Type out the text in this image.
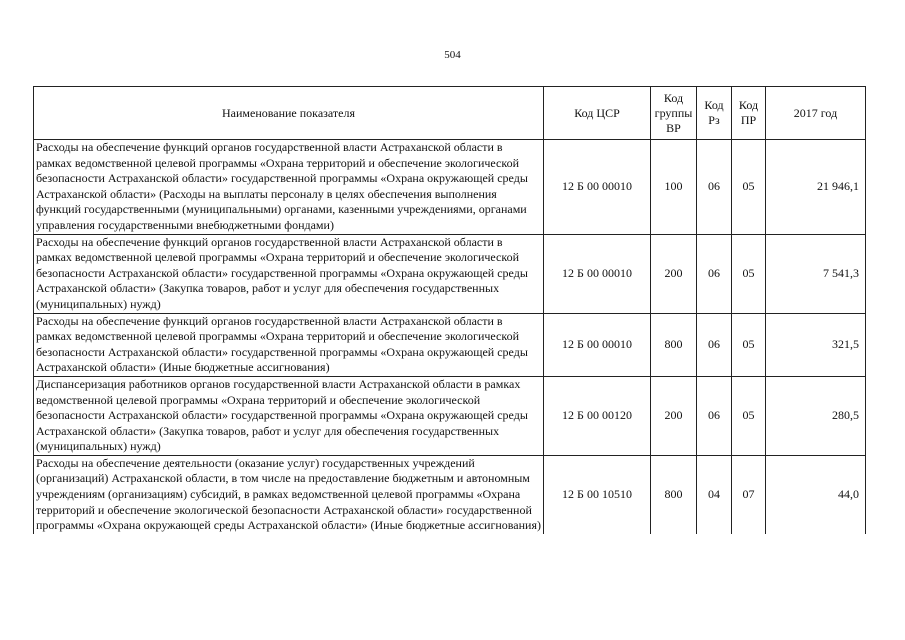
504
Наименование показателя	Код ЦСР	Код группы ВР	Код Рз	Код ПР	2017 год
Расходы на обеспечение функций органов государственной власти Астраханской области в рамках ведомственной целевой программы «Охрана территорий и обеспечение экологической безопасности Астраханской области» государственной программы «Охрана окружающей среды Астраханской области» (Расходы на выплаты персоналу в целях обеспечения выполнения функций государственными (муниципальными) органами, казенными учреждениями, органами управления государственными внебюджетными фондами)	12 Б 00 00010	100	06	05	21 946,1
Расходы на обеспечение функций органов государственной власти Астраханской области в рамках ведомственной целевой программы «Охрана территорий и обеспечение экологической безопасности Астраханской области» государственной программы «Охрана окружающей среды Астраханской области» (Закупка товаров, работ и услуг для обеспечения государственных (муниципальных) нужд)	12 Б 00 00010	200	06	05	7 541,3
Расходы на обеспечение функций органов государственной власти Астраханской области в рамках ведомственной целевой программы «Охрана территорий и обеспечение экологической безопасности Астраханской области» государственной программы «Охрана окружающей среды Астраханской области» (Иные бюджетные ассигнования)	12 Б 00 00010	800	06	05	321,5
Диспансеризация работников органов государственной власти Астраханской области в рамках ведомственной целевой программы «Охрана территорий и обеспечение экологической безопасности Астраханской области» государственной программы «Охрана окружающей среды Астраханской области» (Закупка товаров, работ и услуг для обеспечения государственных (муниципальных) нужд)	12 Б 00 00120	200	06	05	280,5
Расходы на обеспечение деятельности (оказание услуг) государственных учреждений (организаций) Астраханской области, в том числе на предоставление бюджетным и автономным учреждениям (организациям) субсидий, в рамках ведомственной целевой программы «Охрана территорий и обеспечение экологической безопасности Астраханской области» государственной программы «Охрана окружающей среды Астраханской области» (Иные бюджетные ассигнования)	12 Б 00 10510	800	04	07	44,0
